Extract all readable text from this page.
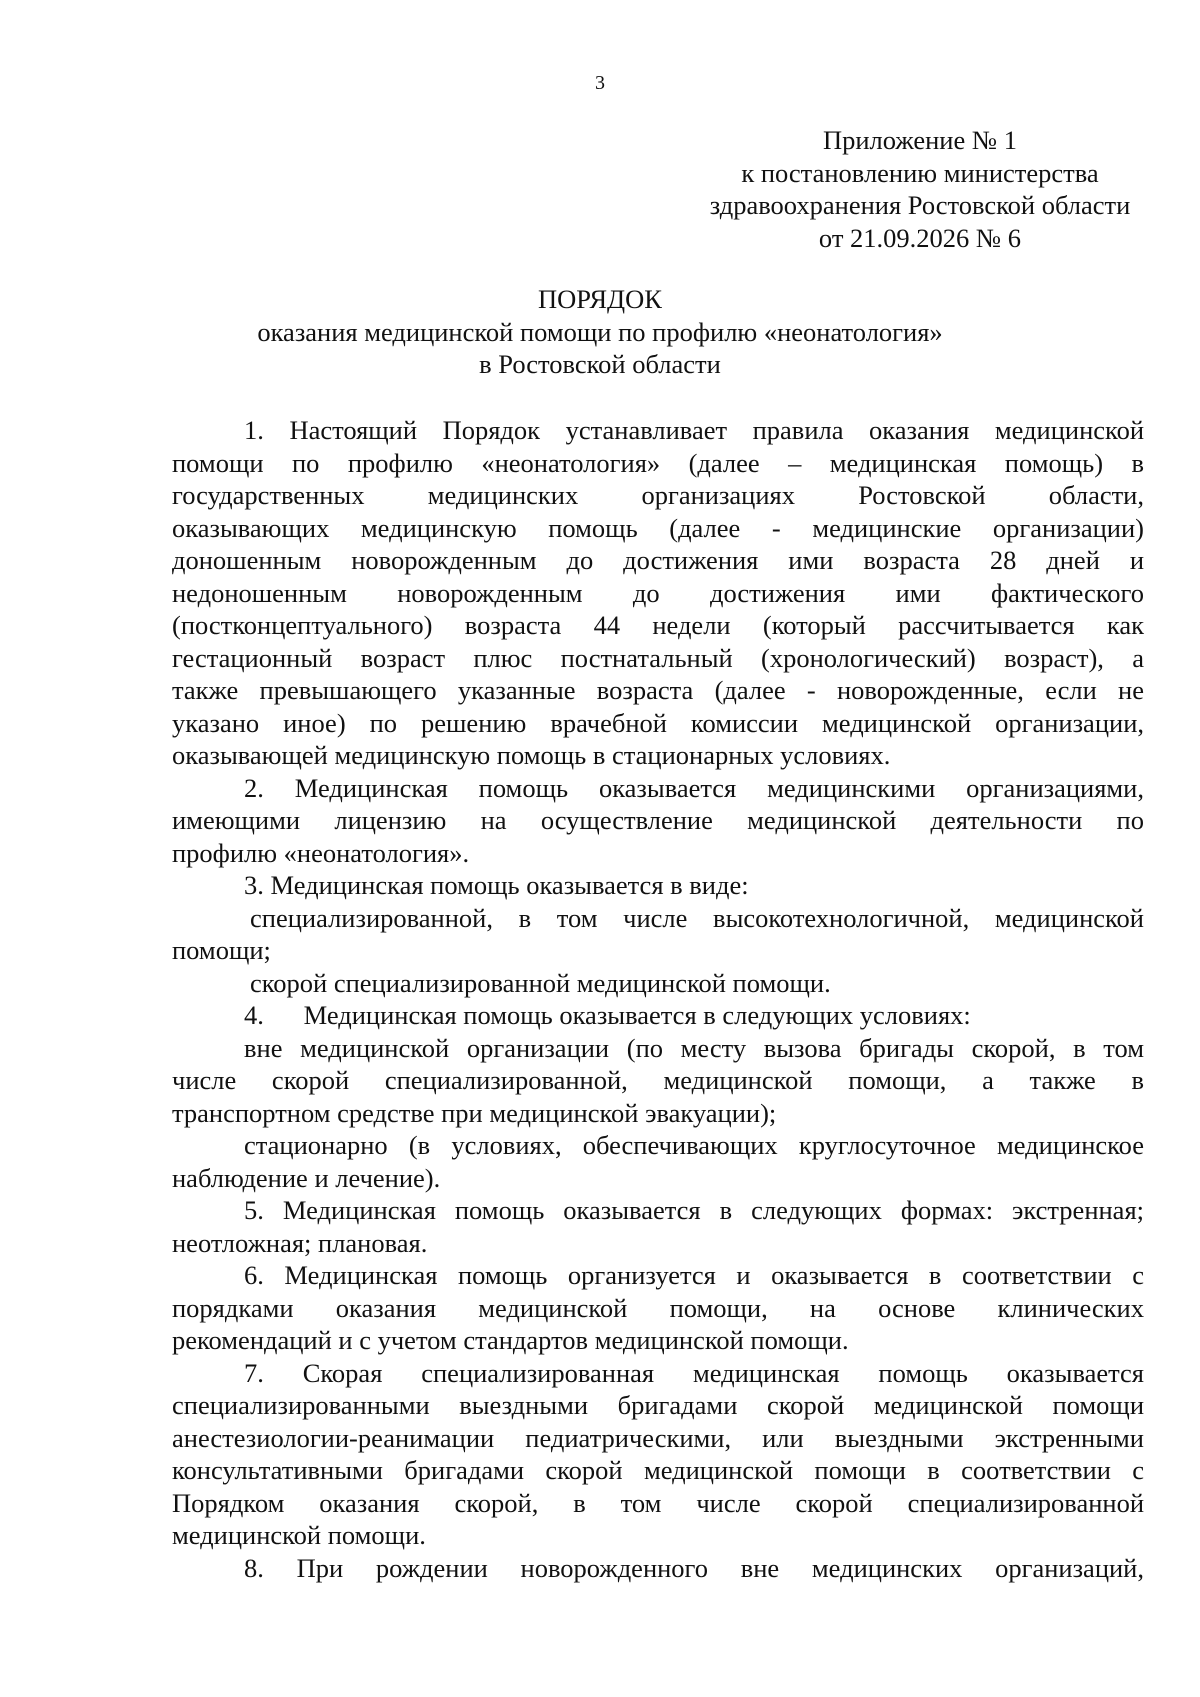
3
Приложение № 1
к постановлению министерства
здравоохранения Ростовской области
от 21.09.2026 № 6
ПОРЯДОК
оказания медицинской помощи по профилю «неонатология»
в Ростовской области
1. Настоящий Порядок устанавливает правила оказания медицинской
помощи по профилю «неонатология» (далее – медицинская помощь) в
государственных медицинских организациях Ростовской области,
оказывающих медицинскую помощь (далее - медицинские организации)
доношенным новорожденным до достижения ими возраста 28 дней и
недоношенным новорожденным до достижения ими фактического
(постконцептуального) возраста 44 недели (который рассчитывается как
гестационный возраст плюс постнатальный (хронологический) возраст), а
также превышающего указанные возраста (далее - новорожденные, если не
указано иное) по решению врачебной комиссии медицинской организации,
оказывающей медицинскую помощь в стационарных условиях.
2. Медицинская помощь оказывается медицинскими организациями,
имеющими лицензию на осуществление медицинской деятельности по
профилю «неонатология».
3. Медицинская помощь оказывается в виде:
специализированной, в том числе высокотехнологичной, медицинской
помощи;
скорой специализированной медицинской помощи.
4.      Медицинская помощь оказывается в следующих условиях:
вне медицинской организации (по месту вызова бригады скорой, в том
числе скорой специализированной, медицинской помощи, а также в
транспортном средстве при медицинской эвакуации);
стационарно (в условиях, обеспечивающих круглосуточное медицинское
наблюдение и лечение).
5. Медицинская помощь оказывается в следующих формах: экстренная;
неотложная; плановая.
6. Медицинская помощь организуется и оказывается в соответствии с
порядками оказания медицинской помощи, на основе клинических
рекомендаций и с учетом стандартов медицинской помощи.
7. Скорая специализированная медицинская помощь оказывается
специализированными выездными бригадами скорой медицинской помощи
анестезиологии-реанимации педиатрическими, или выездными экстренными
консультативными бригадами скорой медицинской помощи в соответствии с
Порядком оказания скорой, в том числе скорой специализированной
медицинской помощи.
8. При рождении новорожденного вне медицинских организаций,
